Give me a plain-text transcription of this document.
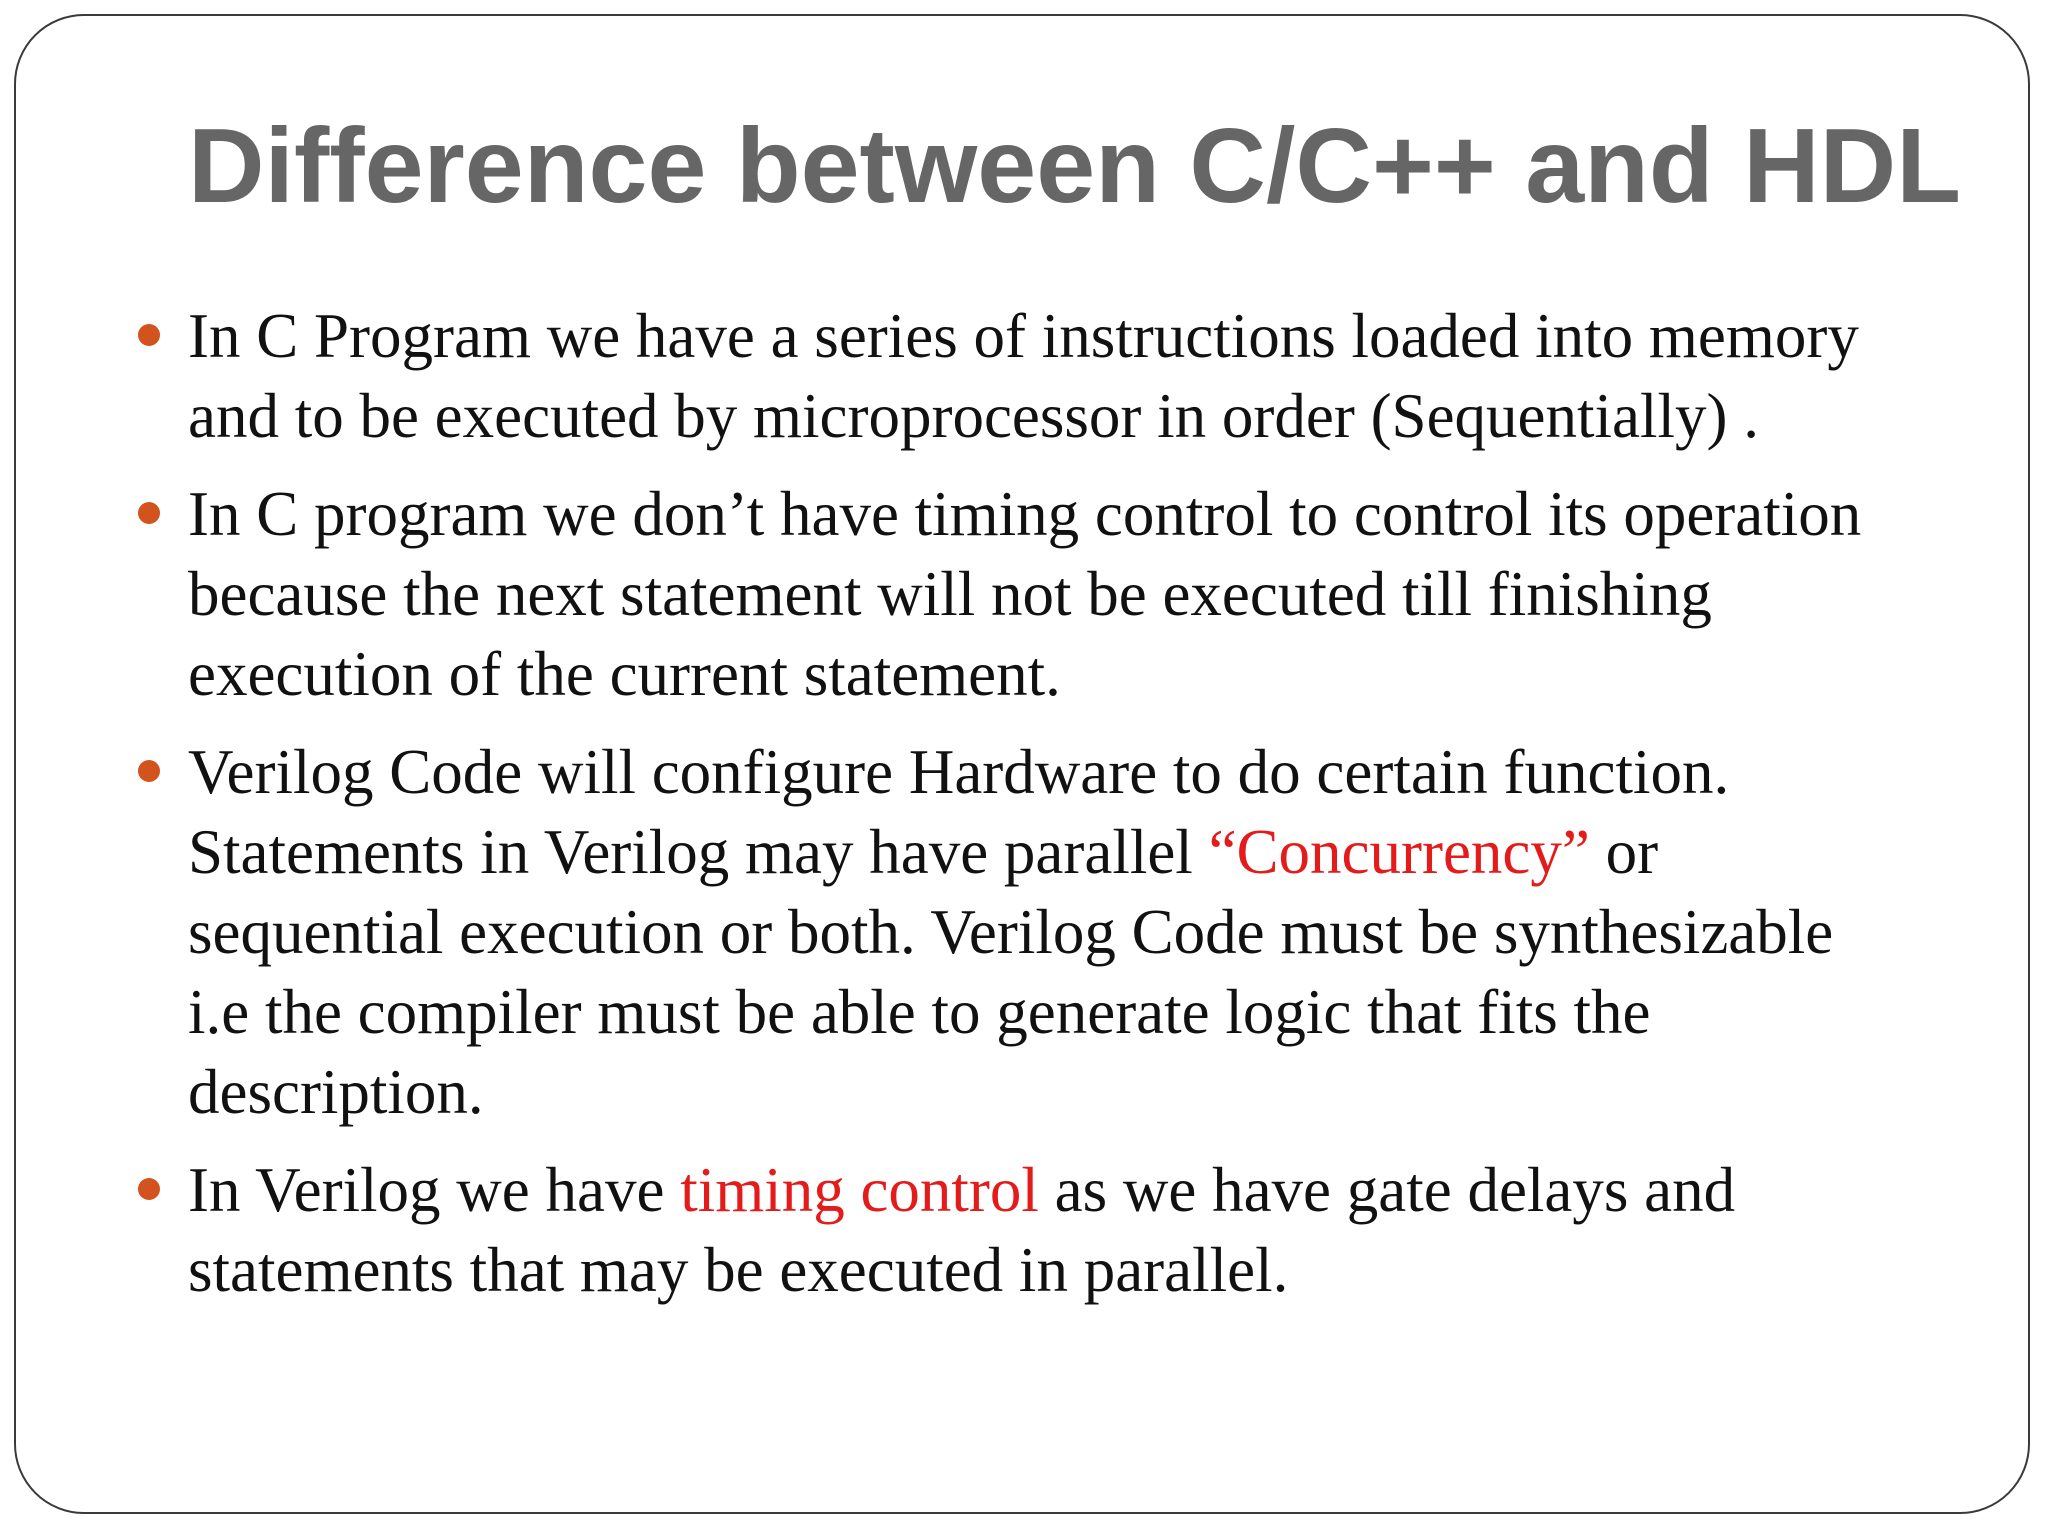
Difference between C/C++ and HDL
In C Program we have a series of instructions loaded into memory and to be executed by microprocessor in order (Sequentially) .
In C program we don’t have timing control to control its operation because the next statement will not be executed till finishing execution of the current statement.
Verilog Code will configure Hardware to do certain function. Statements in Verilog may have parallel “Concurrency” or sequential execution or both. Verilog Code must be synthesizable i.e the compiler must be able to generate logic that fits the description.
In Verilog we have timing control as we have gate delays and statements that may be executed in parallel.
